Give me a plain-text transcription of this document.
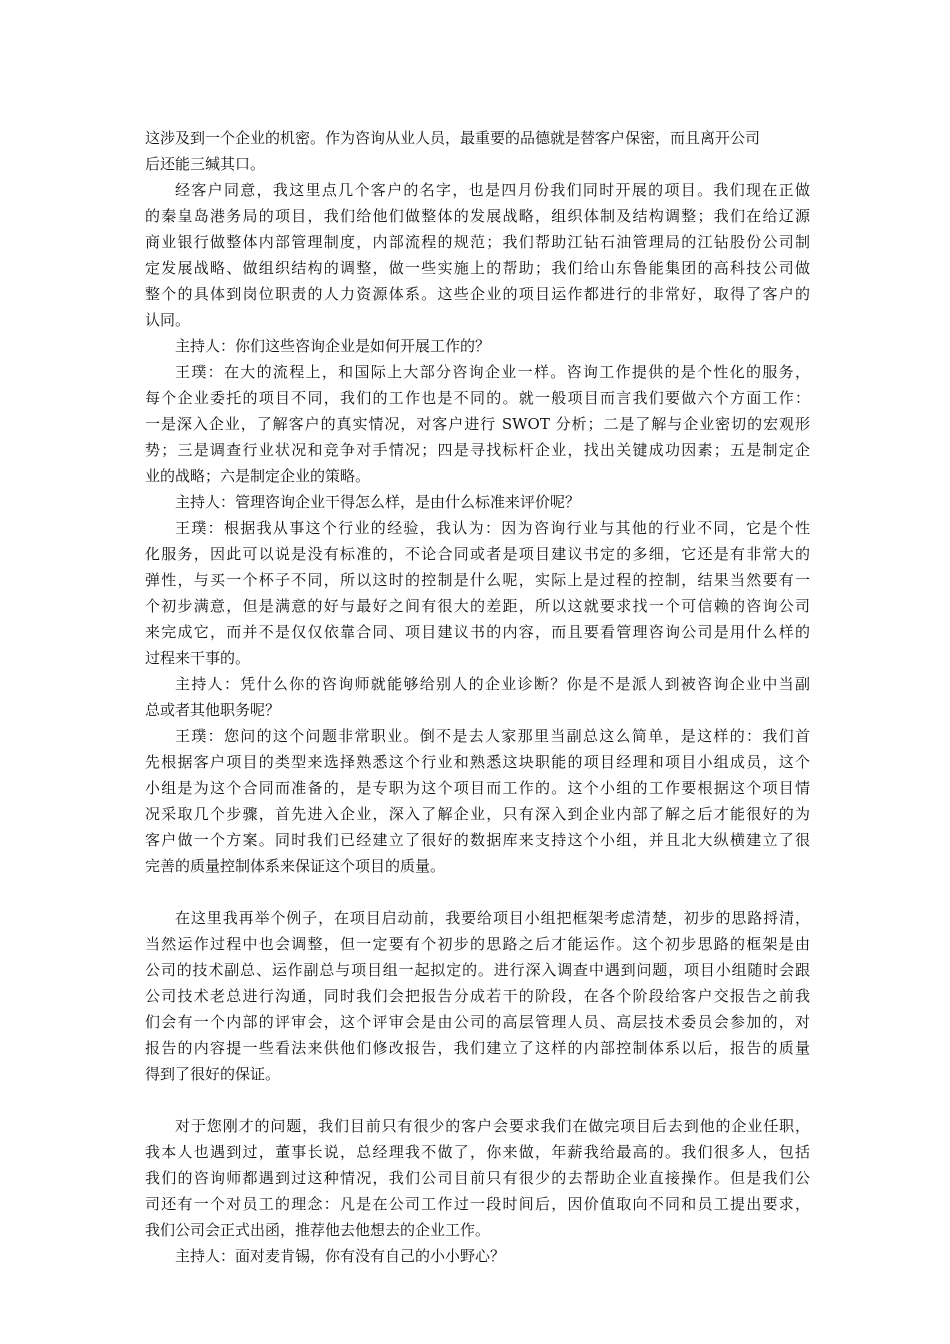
这涉及到一个企业的机密。作为咨询从业人员，最重要的品德就是替客户保密，而且离开公司
后还能三缄其口。
经客户同意，我这里点几个客户的名字，也是四月份我们同时开展的项目。我们现在正做
的秦皇岛港务局的项目，我们给他们做整体的发展战略，组织体制及结构调整；我们在给辽源
商业银行做整体内部管理制度，内部流程的规范；我们帮助江钻石油管理局的江钻股份公司制
定发展战略、做组织结构的调整，做一些实施上的帮助；我们给山东鲁能集团的高科技公司做
整个的具体到岗位职责的人力资源体系。这些企业的项目运作都进行的非常好，取得了客户的
认同。
主持人：你们这些咨询企业是如何开展工作的？
王璞：在大的流程上，和国际上大部分咨询企业一样。咨询工作提供的是个性化的服务，
每个企业委托的项目不同，我们的工作也是不同的。就一般项目而言我们要做六个方面工作：
一是深入企业，了解客户的真实情况，对客户进行 SWOT 分析；二是了解与企业密切的宏观形
势；三是调查行业状况和竞争对手情况；四是寻找标杆企业，找出关键成功因素；五是制定企
业的战略；六是制定企业的策略。
主持人：管理咨询企业干得怎么样，是由什么标准来评价呢？
王璞：根据我从事这个行业的经验，我认为：因为咨询行业与其他的行业不同，它是个性
化服务，因此可以说是没有标准的，不论合同或者是项目建议书定的多细，它还是有非常大的
弹性，与买一个杯子不同，所以这时的控制是什么呢，实际上是过程的控制，结果当然要有一
个初步满意，但是满意的好与最好之间有很大的差距，所以这就要求找一个可信赖的咨询公司
来完成它，而并不是仅仅依靠合同、项目建议书的内容，而且要看管理咨询公司是用什么样的
过程来干事的。
主持人：凭什么你的咨询师就能够给别人的企业诊断？你是不是派人到被咨询企业中当副
总或者其他职务呢？
王璞：您问的这个问题非常职业。倒不是去人家那里当副总这么简单，是这样的：我们首
先根据客户项目的类型来选择熟悉这个行业和熟悉这块职能的项目经理和项目小组成员，这个
小组是为这个合同而准备的，是专职为这个项目而工作的。这个小组的工作要根据这个项目情
况采取几个步骤，首先进入企业，深入了解企业，只有深入到企业内部了解之后才能很好的为
客户做一个方案。同时我们已经建立了很好的数据库来支持这个小组，并且北大纵横建立了很
完善的质量控制体系来保证这个项目的质量。
在这里我再举个例子，在项目启动前，我要给项目小组把框架考虑清楚，初步的思路捋清，
当然运作过程中也会调整，但一定要有个初步的思路之后才能运作。这个初步思路的框架是由
公司的技术副总、运作副总与项目组一起拟定的。进行深入调查中遇到问题，项目小组随时会跟
公司技术老总进行沟通，同时我们会把报告分成若干的阶段，在各个阶段给客户交报告之前我
们会有一个内部的评审会，这个评审会是由公司的高层管理人员、高层技术委员会参加的，对
报告的内容提一些看法来供他们修改报告，我们建立了这样的内部控制体系以后，报告的质量
得到了很好的保证。
对于您刚才的问题，我们目前只有很少的客户会要求我们在做完项目后去到他的企业任职，
我本人也遇到过，董事长说，总经理我不做了，你来做，年薪我给最高的。我们很多人，包括
我们的咨询师都遇到过这种情况，我们公司目前只有很少的去帮助企业直接操作。但是我们公
司还有一个对员工的理念：凡是在公司工作过一段时间后，因价值取向不同和员工提出要求，
我们公司会正式出函，推荐他去他想去的企业工作。
主持人：面对麦肯锡，你有没有自己的小小野心？
